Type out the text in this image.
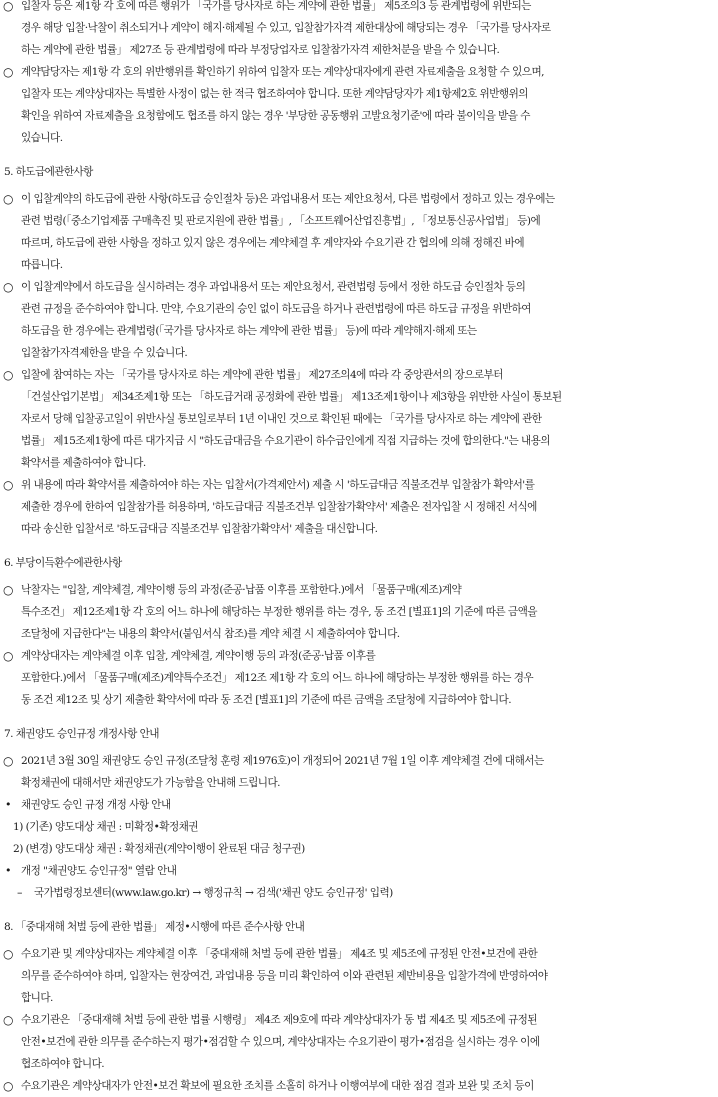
○ 입찰자 등은 제1항 각 호에 따른 행위가 「국가를 당사자로 하는 계약에 관한 법률」 제5조의3 등 관계법령에 위반되는
경우 해당 입찰·낙찰이 취소되거나 계약이 해지·해제될 수 있고, 입찰참가자격 제한대상에 해당되는 경우 「국가를 당사자로
하는 계약에 관한 법률」 제27조 등 관계법령에 따라 부정당업자로 입찰참가자격 제한처분을 받을 수 있습니다.
○ 계약담당자는 제1항 각 호의 위반행위를 확인하기 위하여 입찰자 또는 계약상대자에게 관련 자료제출을 요청할 수 있으며,
입찰자 또는 계약상대자는 특별한 사정이 없는 한 적극 협조하여야 합니다. 또한 계약담당자가 제1항제2호 위반행위의
확인을 위하여 자료제출을 요청함에도 협조를 하지 않는 경우 '부당한 공동행위 고발요청기준'에 따라 불이익을 받을 수
있습니다.
5. 하도급에관한사항
○ 이 입찰계약의 하도급에 관한 사항(하도급 승인절차 등)은 과업내용서 또는 제안요청서, 다른 법령에서 정하고 있는 경우에는
관련 법령(「중소기업제품 구매촉진 및 판로지원에 관한 법률」, 「소프트웨어산업진흥법」, 「정보통신공사업법」 등)에
따르며, 하도급에 관한 사항을 정하고 있지 않은 경우에는 계약체결 후 계약자와 수요기관 간 협의에 의해 정해진 바에
따릅니다.
○ 이 입찰계약에서 하도급을 실시하려는 경우 과업내용서 또는 제안요청서, 관련법령 등에서 정한 하도급 승인절차 등의
관련 규정을 준수하여야 합니다. 만약, 수요기관의 승인 없이 하도급을 하거나 관련법령에 따른 하도급 규정을 위반하여
하도급을 한 경우에는 관계법령(「국가를 당사자로 하는 계약에 관한 법률」 등)에 따라 계약해지·해제 또는
입찰참가자격제한을 받을 수 있습니다.
○ 입찰에 참여하는 자는 「국가를 당사자로 하는 계약에 관한 법률」 제27조의4에 따라 각 중앙관서의 장으로부터
「건설산업기본법」 제34조제1항 또는 「하도급거래 공정화에 관한 법률」 제13조제1항이나 제3항을 위반한 사실이 통보된
자로서 당해 입찰공고일이 위반사실 통보일로부터 1년 이내인 것으로 확인된 때에는 「국가를 당사자로 하는 계약에 관한
법률」 제15조제1항에 따른 대가지급 시 "하도급대금을 수요기관이 하수급인에게 직접 지급하는 것에 합의한다."는 내용의
확약서를 제출하여야 합니다.
○ 위 내용에 따라 확약서를 제출하여야 하는 자는 입찰서(가격제안서) 제출 시 '하도급대금 직불조건부 입찰참가 확약서'를
제출한 경우에 한하여 입찰참가를 허용하며, '하도급대금 직불조건부 입찰참가확약서' 제출은 전자입찰 시 정해진 서식에
따라 송신한 입찰서로 '하도급대금 직불조건부 입찰참가확약서' 제출을 대신합니다.
6. 부당이득환수에관한사항
○ 낙찰자는 "입찰, 계약체결, 계약이행 등의 과정(준공·납품 이후를 포함한다.)에서 「물품구매(제조)계약
특수조건」 제12조제1항 각 호의 어느 하나에 해당하는 부정한 행위를 하는 경우, 동 조건 [별표1]의 기준에 따른 금액을
조달청에 지급한다"는 내용의 확약서(붙임서식 참조)를 계약 체결 시 제출하여야 합니다.
○ 계약상대자는 계약체결 이후 입찰, 계약체결, 계약이행 등의 과정(준공·납품 이후를
포함한다.)에서 「물품구매(제조)계약특수조건」 제12조 제1항 각 호의 어느 하나에 해당하는 부정한 행위를 하는 경우
동 조건 제12조 및 상기 제출한 확약서에 따라 동 조건 [별표1]의 기준에 따른 금액을 조달청에 지급하여야 합니다.
7. 채권양도 승인규정 개정사항 안내
○ 2021년 3월 30일 채권양도 승인 규정(조달청 훈령 제1976호)이 개정되어 2021년 7월 1일 이후 계약체결 건에 대해서는
확정채권에 대해서만 채권양도가 가능함을 안내해 드립니다.
• 채권양도 승인 규정 개정 사항 안내
1) (기존) 양도대상 채권 : 미확정•확정채권
2) (변경) 양도대상 채권 : 확정채권(계약이행이 완료된 대금 청구권)
• 개정 "채권양도 승인규정" 열람 안내
– 국가법령정보센터(www.law.go.kr) → 행정규칙 → 검색('채권 양도 승인규정' 입력)
8. 「중대재해 처벌 등에 관한 법률」 제정•시행에 따른 준수사항 안내
○ 수요기관 및 계약상대자는 계약체결 이후 「중대재해 처벌 등에 관한 법률」 제4조 및 제5조에 규정된 안전•보건에 관한
의무를 준수하여야 하며, 입찰자는 현장여건, 과업내용 등을 미리 확인하여 이와 관련된 제반비용을 입찰가격에 반영하여야
합니다.
○ 수요기관은 「중대재해 처벌 등에 관한 법률 시행령」 제4조 제9호에 따라 계약상대자가 동 법 제4조 및 제5조에 규정된
안전•보건에 관한 의무를 준수하는지 평가•점검할 수 있으며, 계약상대자는 수요기관이 평가•점검을 실시하는 경우 이에
협조하여야 합니다.
○ 수요기관은 계약상대자가 안전•보건 확보에 필요한 조치를 소홀히 하거나 이행여부에 대한 점검 결과 보완 및 조치 등이
